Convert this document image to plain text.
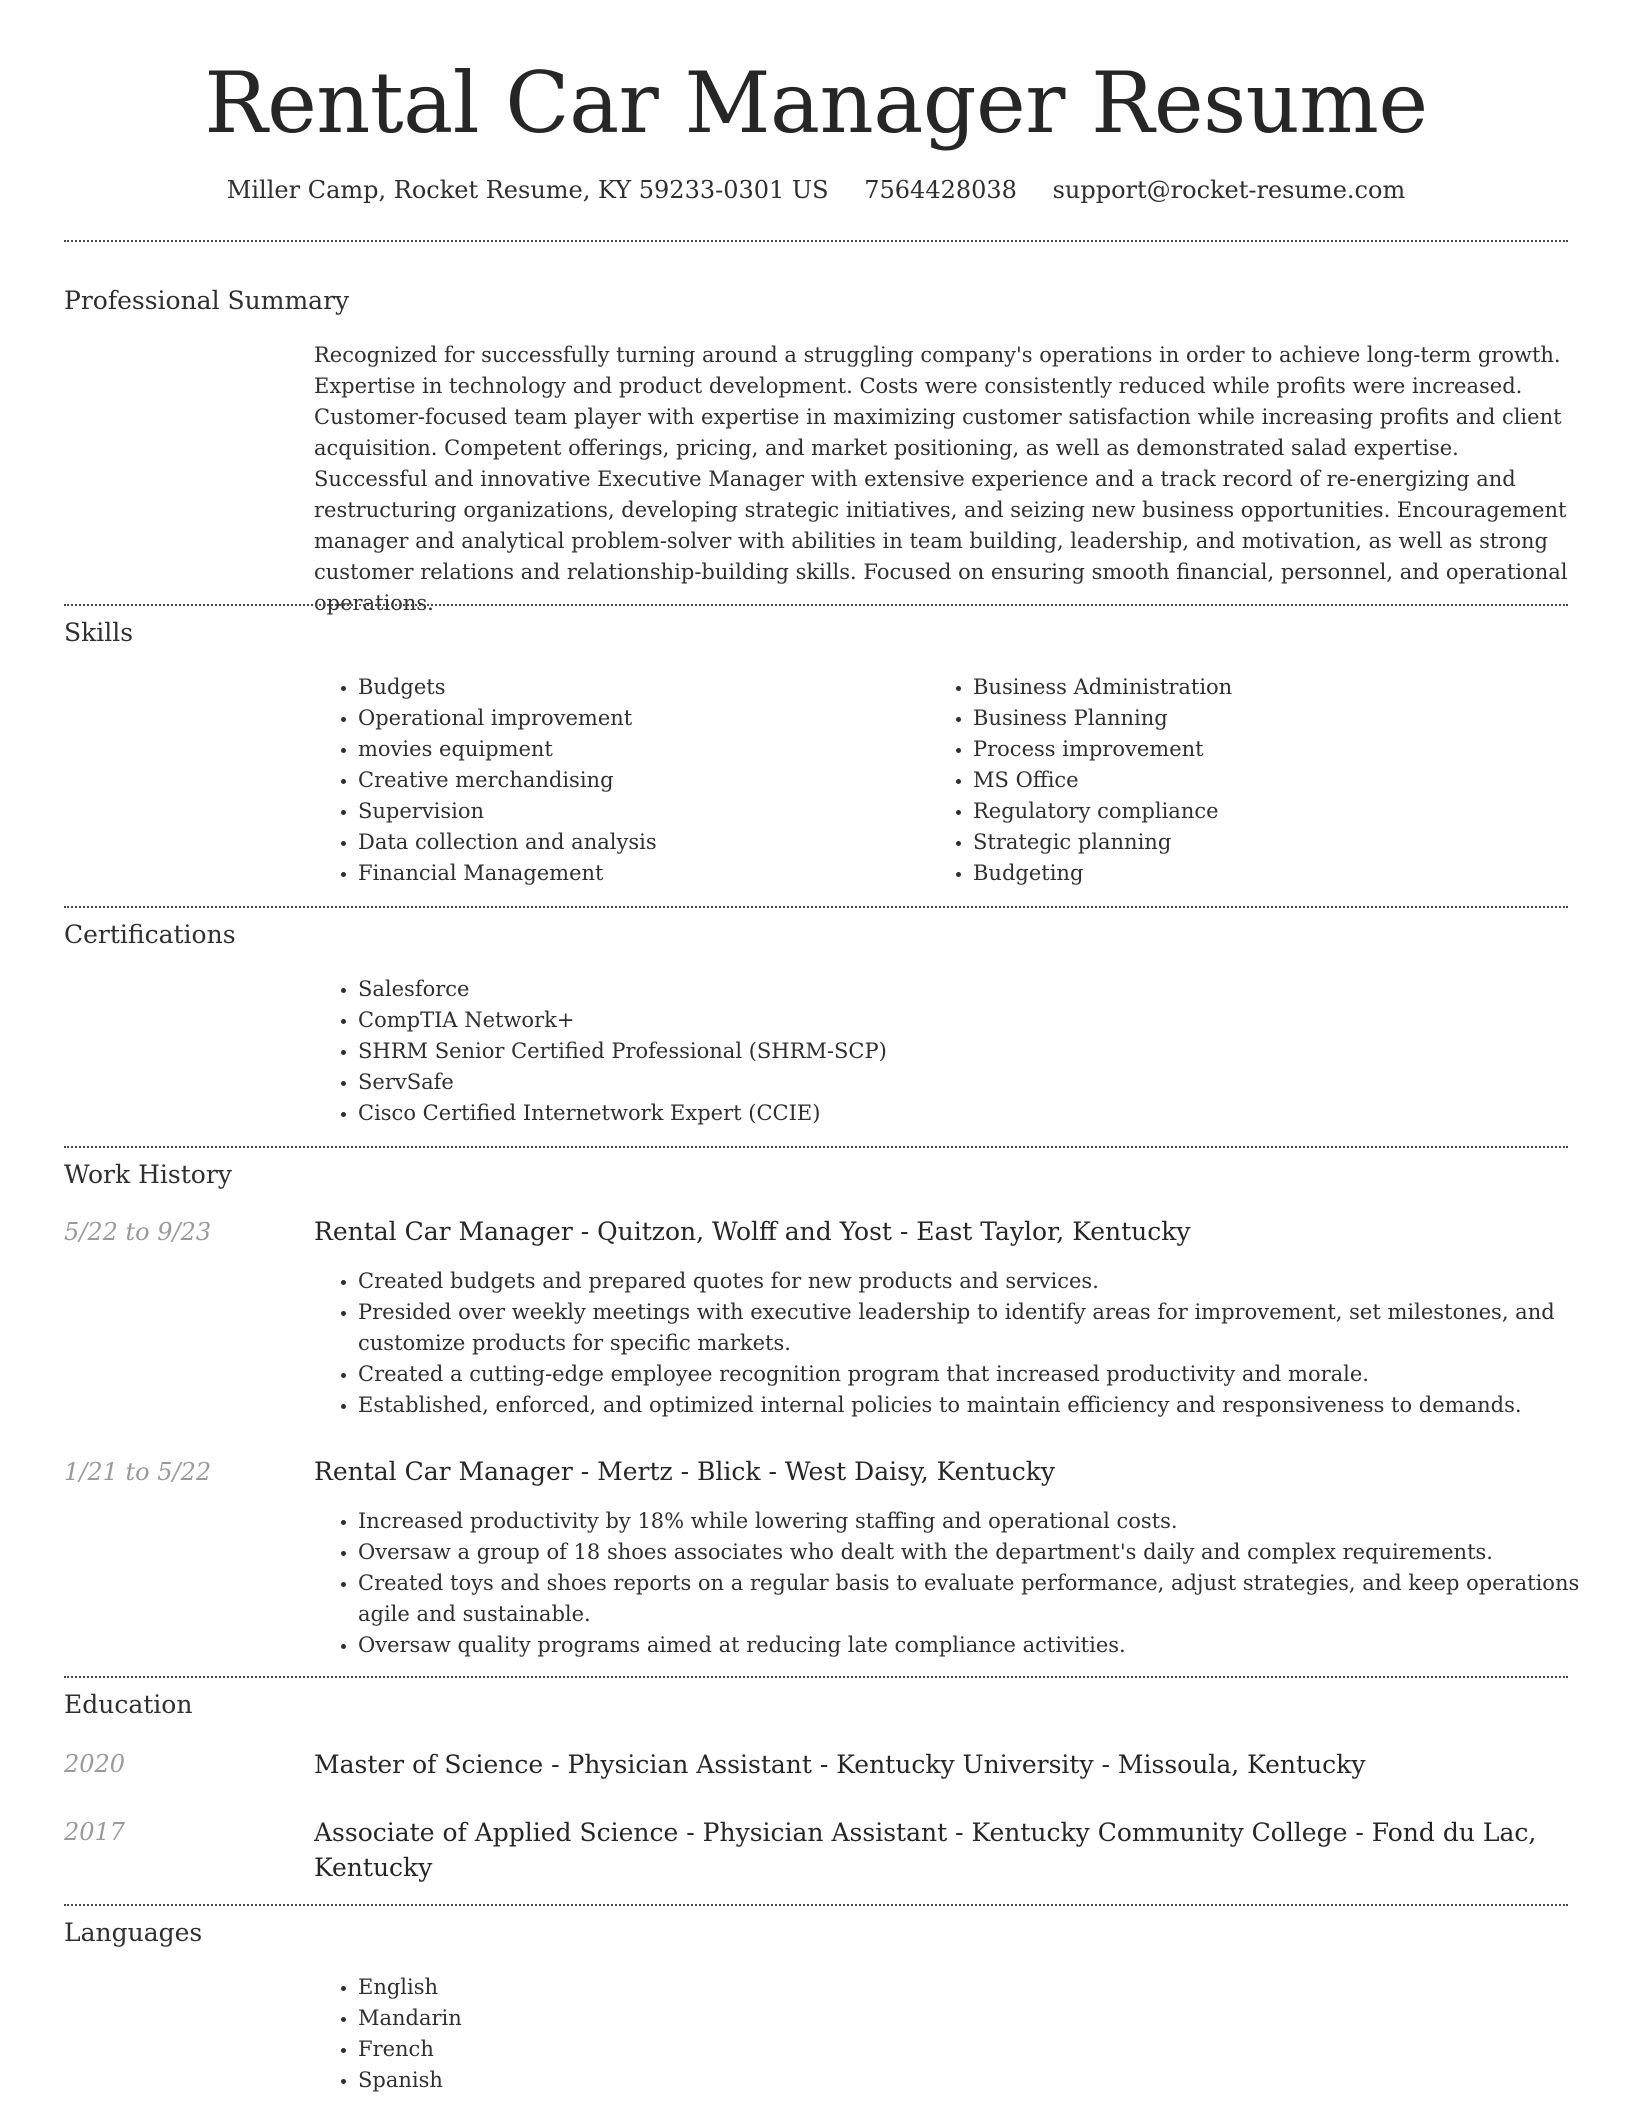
Rental Car Manager Resume
Miller Camp, Rocket Resume, KY 59233-0301 US 7564428038 support@rocket-resume.com
Professional Summary

Recognized for successfully turning around a struggling company's operations in order to achieve long-term growth. Expertise in technology and product development. Costs were consistently reduced while profits were increased. Customer-focused team player with expertise in maximizing customer satisfaction while increasing profits and client acquisition. Competent offerings, pricing, and market positioning, as well as demonstrated salad expertise. Successful and innovative Executive Manager with extensive experience and a track record of re-energizing and restructuring organizations, developing strategic initiatives, and seizing new business opportunities. Encouragement manager and analytical problem-solver with abilities in team building, leadership, and motivation, as well as strong customer relations and relationship-building skills. Focused on ensuring smooth financial, personnel, and operational operations.

Skills
• Budgets
• Operational improvement
• movies equipment
• Creative merchandising
• Supervision
• Data collection and analysis
• Financial Management
• Business Administration
• Business Planning
• Process improvement
• MS Office
• Regulatory compliance
• Strategic planning
• Budgeting
Certifications
• Salesforce
• CompTIA Network+
• SHRM Senior Certified Professional (SHRM-SCP)
• ServSafe
• Cisco Certified Internetwork Expert (CCIE)
Work History
5/22 to 9/23	Rental Car Manager - Quitzon, Wolff and Yost - East Taylor, Kentucky
• Created budgets and prepared quotes for new products and services.
• Presided over weekly meetings with executive leadership to identify areas for improvement, set milestones, and customize products for specific markets.
• Created a cutting-edge employee recognition program that increased productivity and morale.
• Established, enforced, and optimized internal policies to maintain efficiency and responsiveness to demands.
1/21 to 5/22	Rental Car Manager - Mertz - Blick - West Daisy, Kentucky
• Increased productivity by 18% while lowering staffing and operational costs.
• Oversaw a group of 18 shoes associates who dealt with the department's daily and complex requirements.
• Created toys and shoes reports on a regular basis to evaluate performance, adjust strategies, and keep operations agile and sustainable.
• Oversaw quality programs aimed at reducing late compliance activities.
Education
2020	Master of Science - Physician Assistant - Kentucky University - Missoula, Kentucky
2017	Associate of Applied Science - Physician Assistant - Kentucky Community College - Fond du Lac, Kentucky
Languages
• English
• Mandarin
• French
• Spanish
